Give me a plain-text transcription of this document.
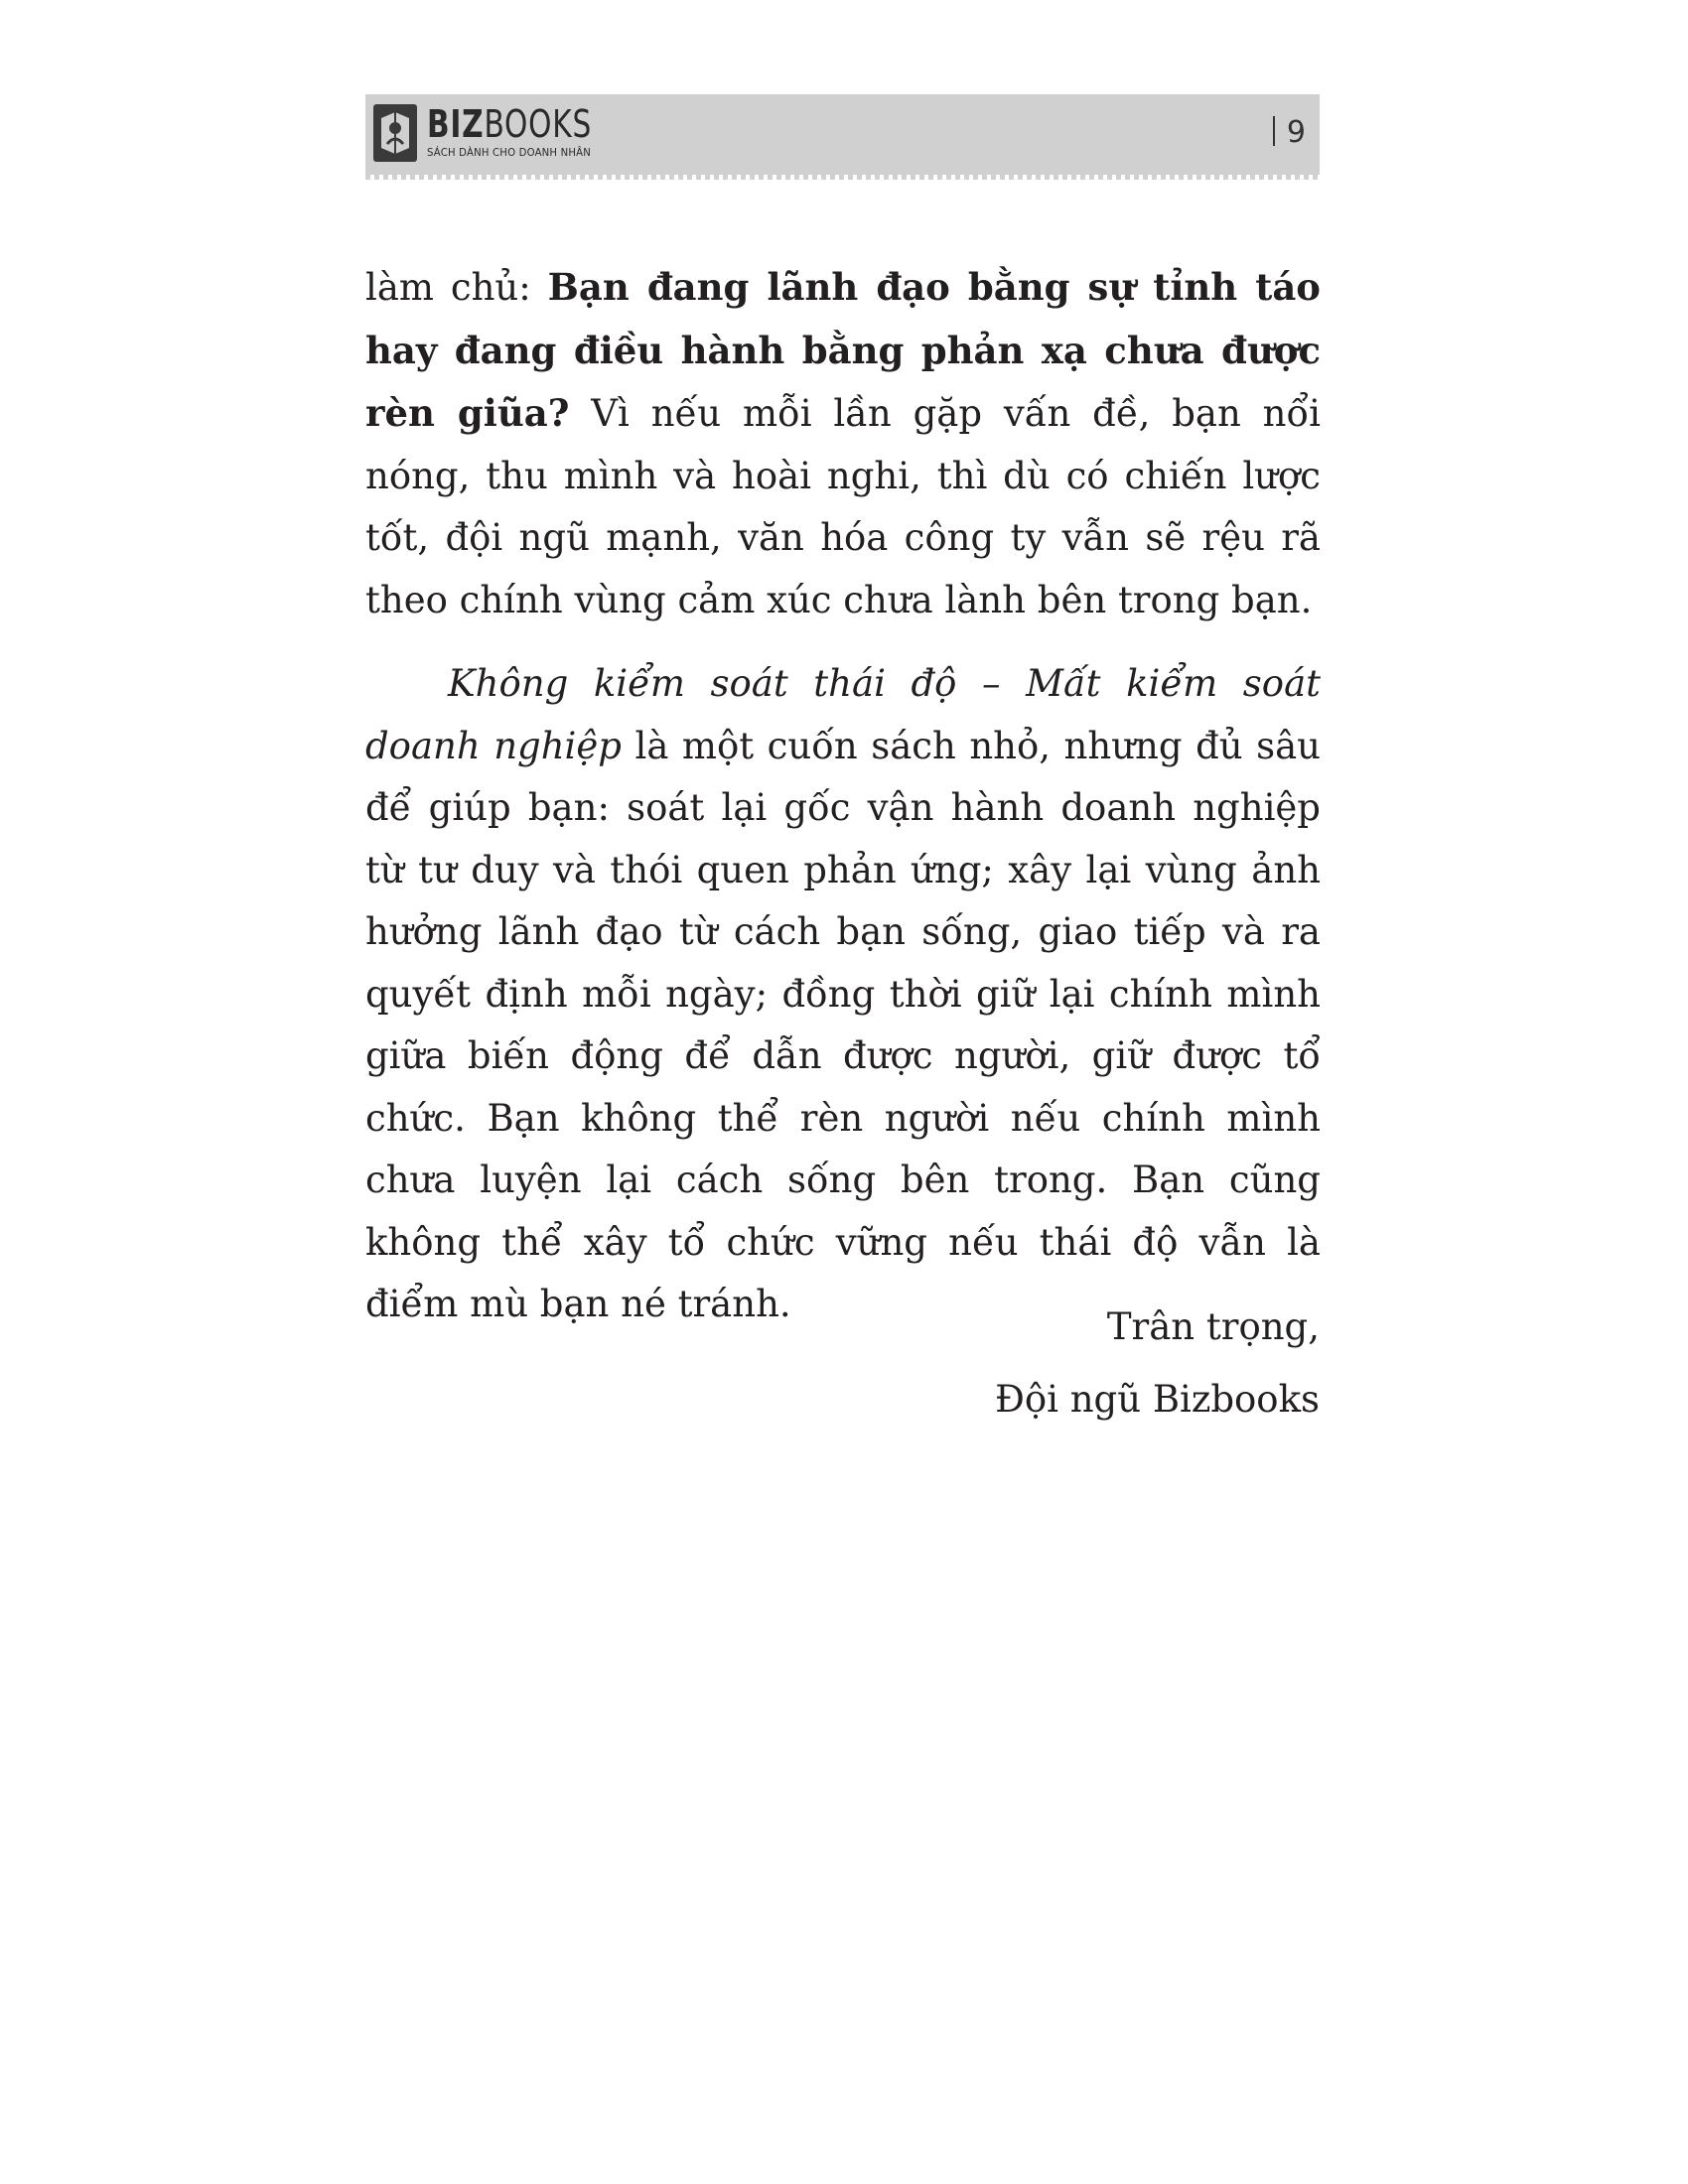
BIZBOOKS
SÁCH DÀNH CHO DOANH NHÂN
9

làm chủ: Bạn đang lãnh đạo bằng sự tỉnh táo hay đang điều hành bằng phản xạ chưa được rèn giũa? Vì nếu mỗi lần gặp vấn đề, bạn nổi nóng, thu mình và hoài nghi, thì dù có chiến lược tốt, đội ngũ mạnh, văn hóa công ty vẫn sẽ rệu rã theo chính vùng cảm xúc chưa lành bên trong bạn.

Không kiểm soát thái độ – Mất kiểm soát doanh nghiệp là một cuốn sách nhỏ, nhưng đủ sâu để giúp bạn: soát lại gốc vận hành doanh nghiệp từ tư duy và thói quen phản ứng; xây lại vùng ảnh hưởng lãnh đạo từ cách bạn sống, giao tiếp và ra quyết định mỗi ngày; đồng thời giữ lại chính mình giữa biến động để dẫn được người, giữ được tổ chức. Bạn không thể rèn người nếu chính mình chưa luyện lại cách sống bên trong. Bạn cũng không thể xây tổ chức vững nếu thái độ vẫn là điểm mù bạn né tránh.

Trân trọng,
Đội ngũ Bizbooks
